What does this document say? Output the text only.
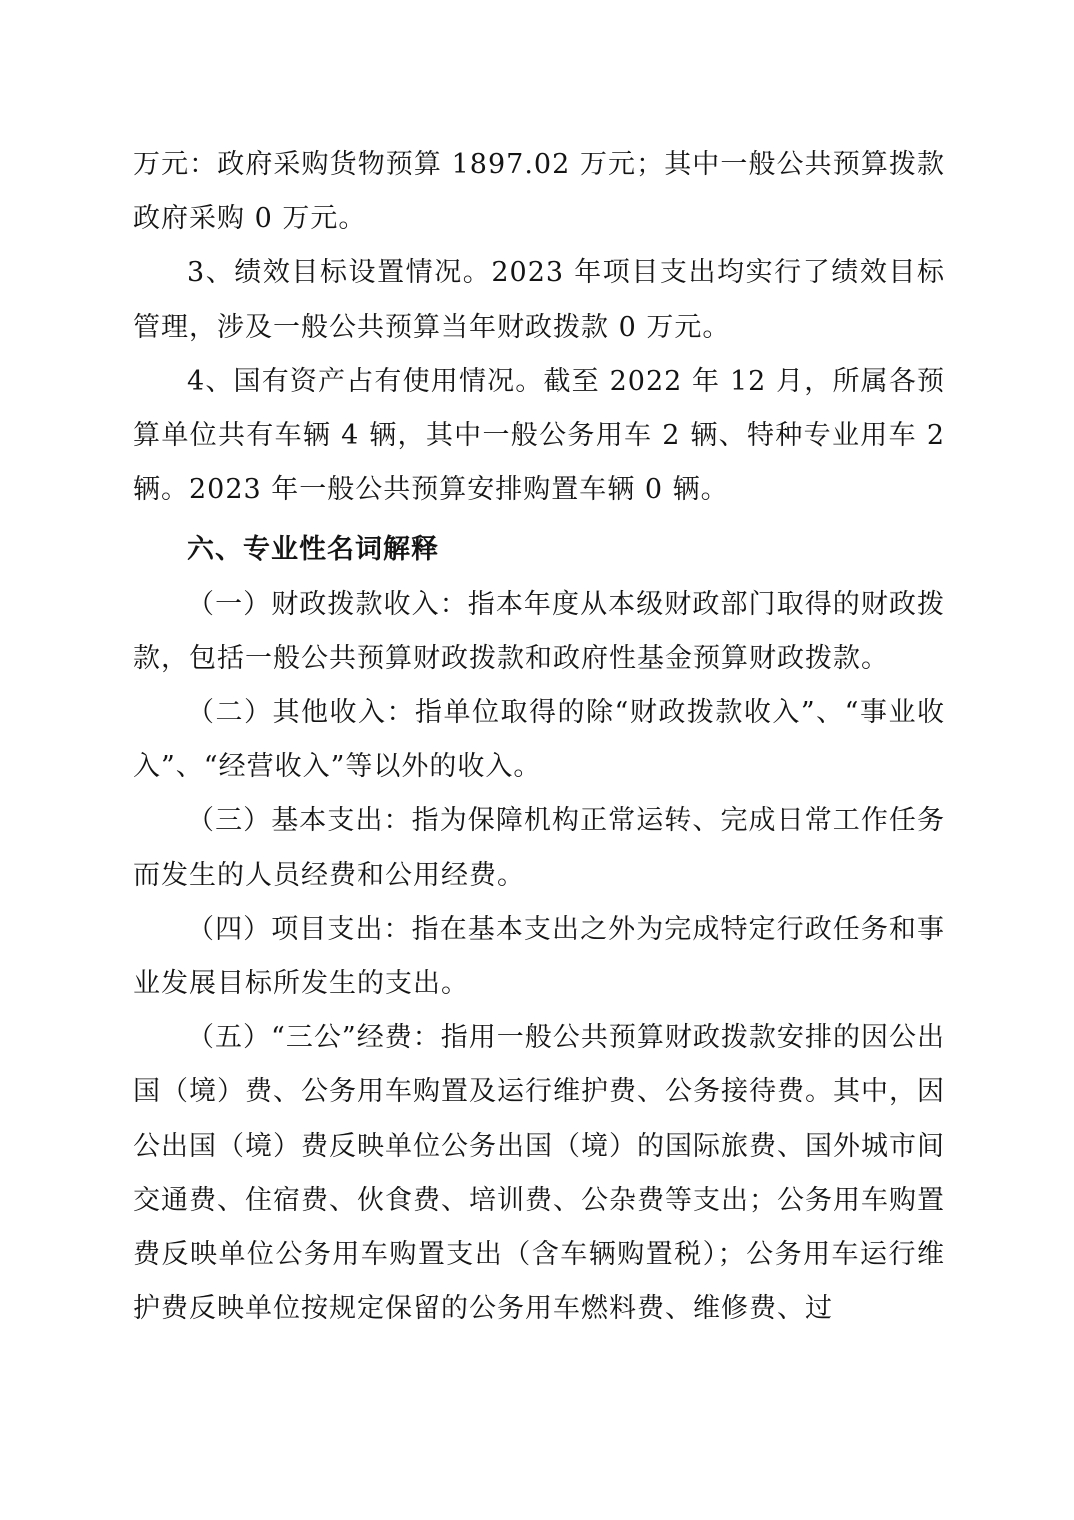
万元：政府采购货物预算 1897.02 万元；其中一般公共预算拨款政府采购 0 万元。

3、绩效目标设置情况。2023 年项目支出均实行了绩效目标管理，涉及一般公共预算当年财政拨款 0 万元。

4、国有资产占有使用情况。截至 2022 年 12 月，所属各预算单位共有车辆 4 辆，其中一般公务用车 2 辆、特种专业用车 2 辆。2023 年一般公共预算安排购置车辆 0 辆。

六、专业性名词解释

（一）财政拨款收入：指本年度从本级财政部门取得的财政拨款，包括一般公共预算财政拨款和政府性基金预算财政拨款。

（二）其他收入：指单位取得的除“财政拨款收入”、“事业收入”、“经营收入”等以外的收入。

（三）基本支出：指为保障机构正常运转、完成日常工作任务而发生的人员经费和公用经费。

（四）项目支出：指在基本支出之外为完成特定行政任务和事业发展目标所发生的支出。

（五）“三公”经费：指用一般公共预算财政拨款安排的因公出国（境）费、公务用车购置及运行维护费、公务接待费。其中，因公出国（境）费反映单位公务出国（境）的国际旅费、国外城市间交通费、住宿费、伙食费、培训费、公杂费等支出；公务用车购置费反映单位公务用车购置支出（含车辆购置税）；公务用车运行维护费反映单位按规定保留的公务用车燃料费、维修费、过
